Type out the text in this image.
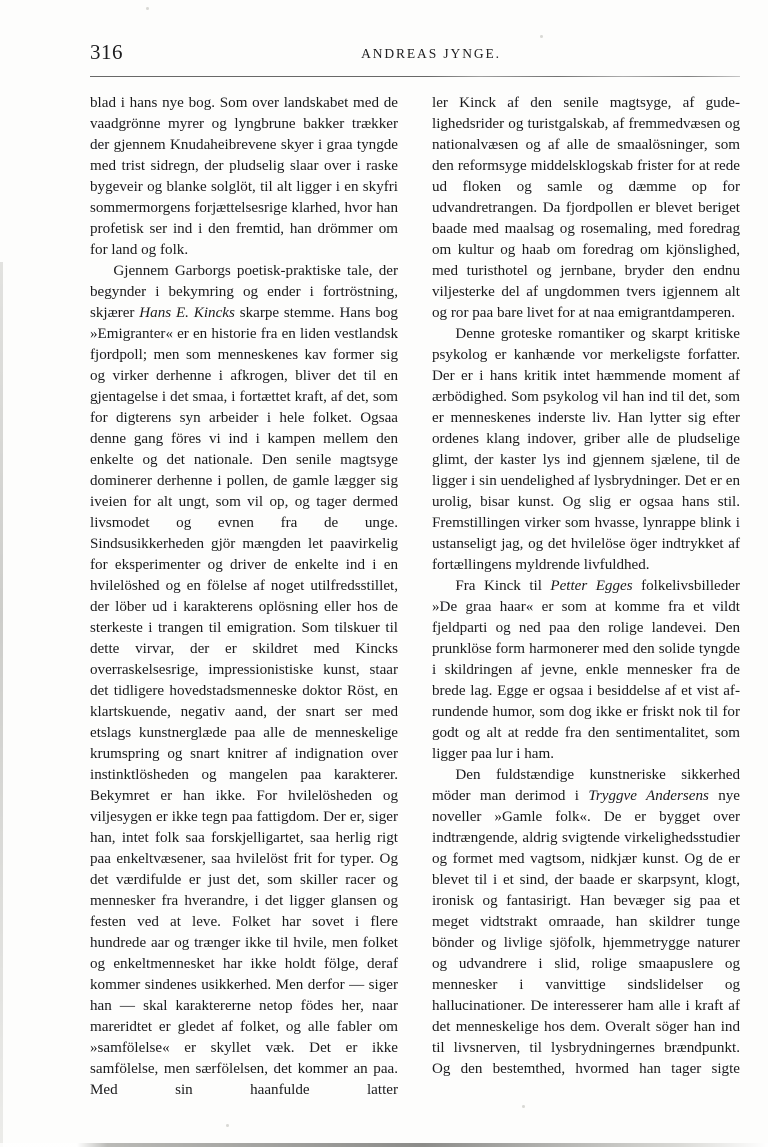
316	ANDREAS JYNGE.

blad i hans nye bog. Som over landskabet med de vaadgrönne myrer og lyngbrune bakker trækker der gjennem Knudaheibrevene skyer i graa tyngde med trist sidregn, der pludselig slaar over i raske bygeveir og blanke solglöt, til alt ligger i en skyfri sommermorgens forjættelsesrige klarhed, hvor han profetisk ser ind i den fremtid, han drömmer om for land og folk.

Gjennem Garborgs poetisk-praktiske tale, der begynder i bekymring og ender i fortröstning, skjærer Hans E. Kincks skarpe stemme. Hans bog »Emigranter« er en historie fra en liden vestlandsk fjordpoll; men som menneskenes kav former sig og virker derhenne i afkrogen, bliver det til en gjentagelse i det smaa, i fortættet kraft, af det, som for digterens syn arbeider i hele folket. Ogsaa denne gang föres vi ind i kampen mellem den enkelte og det nationale. Den senile magtsyge dominerer derhenne i pollen, de gamle lægger sig iveien for alt ungt, som vil op, og tager dermed livsmodet og evnen fra de unge. Sindsusikkerheden gjör mængden let paavirkelig for eksperimenter og driver de enkelte ind i en hvilelöshed og en fölelse af noget utilfredsstillet, der löber ud i karakterens oplösning eller hos de sterkeste i trangen til emigration. Som tilskuer til dette virvar, der er skildret med Kincks overraskelsesrige, impressionistiske kunst, staar det tidligere hovedstadsmenneske doktor Röst, en klartskuende, negativ aand, der snart ser med etslags kunstnerglæde paa alle de menneskelige krumspring og snart knitrer af indignation over instinktlösheden og mangelen paa karakterer. Bekymret er han ikke. For hvilelösheden og viljesygen er ikke tegn paa fattigdom. Der er, siger han, intet folk saa forskjelligartet, saa herlig rigt paa enkeltvæsener, saa hvilelöst frit for typer. Og det værdifulde er just det, som skiller racer og mennesker fra hverandre, i det ligger glansen og festen ved at leve. Folket har sovet i flere hundrede aar og trænger ikke til hvile, men folket og enkeltmennesket har ikke holdt fölge, deraf kommer sindenes usikkerhed. Men derfor — siger han — skal karaktererne netop födes her, naar mareridtet er gledet af folket, og alle fabler om »samfölelse« er skyllet væk. Det er ikke samfölelse, men særfölelsen, det kommer an paa. Med sin haanfulde latter

ler Kinck af den senile magtsyge, af gudelighedsrider og turistgalskab, af fremmedvæsen og nationalvæsen og af alle de smaalösninger, som den reformsyge middelsklogskab frister for at rede ud floken og samle og dæmme op for udvandretrangen. Da fjordpollen er blevet beriget baade med maalsag og rosemaling, med foredrag om kultur og haab om foredrag om kjönslighed, med turisthotel og jernbane, bryder den endnu viljesterke del af ungdommen tvers igjennem alt og ror paa bare livet for at naa emigrantdamperen.

Denne groteske romantiker og skarpt kritiske psykolog er kanhænde vor merkeligste forfatter. Der er i hans kritik intet hæmmende moment af ærbödighed. Som psykolog vil han ind til det, som er menneskenes inderste liv. Han lytter sig efter ordenes klang indover, griber alle de pludselige glimt, der kaster lys ind gjennem sjælene, til de ligger i sin uendelighed af lysbrydninger. Det er en urolig, bisar kunst. Og slig er ogsaa hans stil. Fremstillingen virker som hvasse, lynrappe blink i ustanseligt jag, og det hvilelöse öger indtrykket af fortællingens myldrende livfuldhed.

Fra Kinck til Petter Egges folkelivsbilleder »De graa haar« er som at komme fra et vildt fjeldparti og ned paa den rolige landevei. Den prunklöse form harmonerer med den solide tyngde i skildringen af jevne, enkle mennesker fra de brede lag. Egge er ogsaa i besiddelse af et vist afrundende humor, som dog ikke er friskt nok til for godt og alt at redde fra den sentimentalitet, som ligger paa lur i ham.

Den fuldstændige kunstneriske sikkerhed möder man derimod i Tryggve Andersens nye noveller »Gamle folk«. De er bygget over indtrængende, aldrig svigtende virkelighedsstudier og formet med vagtsom, nidkjær kunst. Og de er blevet til i et sind, der baade er skarpsynt, klogt, ironisk og fantasirigt. Han bevæger sig paa et meget vidtstrakt omraade, han skildrer tunge bönder og livlige sjöfolk, hjemmetrygge naturer og udvandrere i slid, rolige smaapuslere og mennesker i vanvittige sindslidelser og hallucinationer. De interesserer ham alle i kraft af det menneskelige hos dem. Overalt söger han ind til livsnerven, til lysbrydningernes brændpunkt. Og den bestemthed, hvormed han tager sigte
